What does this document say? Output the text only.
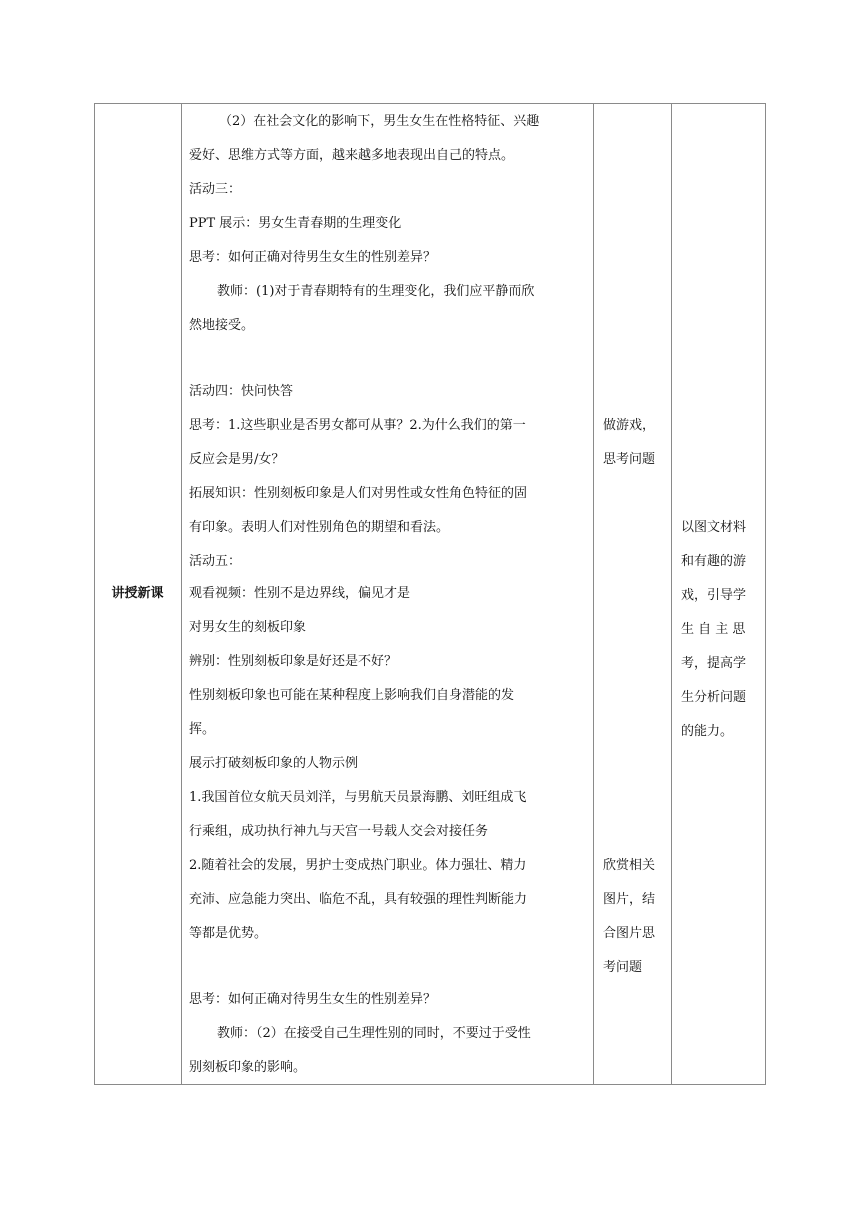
讲授新课
（2）在社会文化的影响下，男生女生在性格特征、兴趣
爱好、思维方式等方面，越来越多地表现出自己的特点。
活动三：
PPT 展示：男女生青春期的生理变化
思考：如何正确对待男生女生的性别差异？
教师：(1)对于青春期特有的生理变化，我们应平静而欣
然地接受。
活动四：快问快答
思考：1.这些职业是否男女都可从事？2.为什么我们的第一
反应会是男/女？
拓展知识：性别刻板印象是人们对男性或女性角色特征的固
有印象。表明人们对性别角色的期望和看法。
活动五：
观看视频：性别不是边界线，偏见才是
对男女生的刻板印象
辨别：性别刻板印象是好还是不好？
性别刻板印象也可能在某种程度上影响我们自身潜能的发
挥。
展示打破刻板印象的人物示例
1.我国首位女航天员刘洋，与男航天员景海鹏、刘旺组成飞
行乘组，成功执行神九与天宫一号载人交会对接任务
2.随着社会的发展，男护士变成热门职业。体力强壮、精力
充沛、应急能力突出、临危不乱，具有较强的理性判断能力
等都是优势。
思考：如何正确对待男生女生的性别差异？
教师：（2）在接受自己生理性别的同时，不要过于受性
别刻板印象的影响。
做游戏，
思考问题
欣赏相关
图片，结
合图片思
考问题
以图文材料
和有趣的游
戏，引导学
生 自 主 思
考，提高学
生分析问题
的能力。
